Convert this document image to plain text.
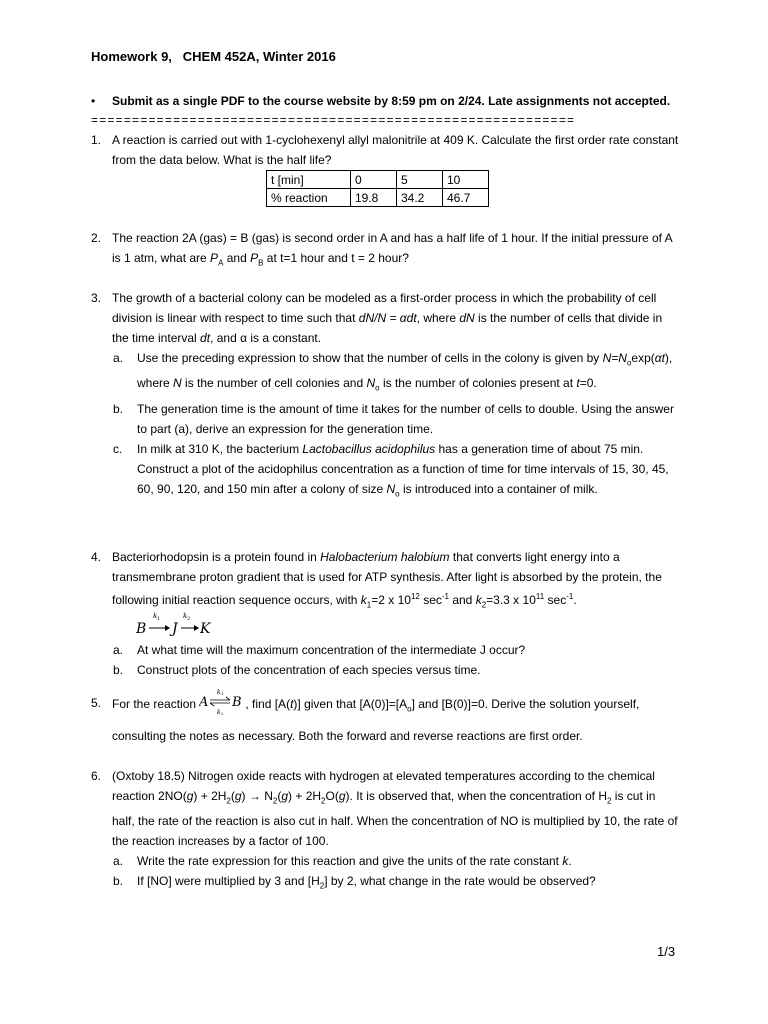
Homework 9,   CHEM 452A, Winter 2016
• Submit as a single PDF to the course website by 8:59 pm on 2/24. Late assignments not accepted.
===========================================================
1. A reaction is carried out with 1-cyclohexenyl allyl malonitrile at 409 K. Calculate the first order rate constant from the data below. What is the half life?
t [min]	0	5	10
% reaction	19.8	34.2	46.7
2. The reaction 2A (gas) = B (gas) is second order in A and has a half life of 1 hour. If the initial pressure of A is 1 atm, what are $P_A$ and $P_B$ at t=1 hour and t = 2 hour?
3. The growth of a bacterial colony can be modeled as a first-order process in which the probability of cell division is linear with respect to time such that dN/N = αdt, where dN is the number of cells that divide in the time interval dt, and α is a constant.
a. Use the preceding expression to show that the number of cells in the colony is given by $N=N_o\exp(\alpha t)$, where N is the number of cell colonies and $N_o$ is the number of colonies present at t=0.
b. The generation time is the amount of time it takes for the number of cells to double. Using the answer to part (a), derive an expression for the generation time.
c. In milk at 310 K, the bacterium Lactobacillus acidophilus has a generation time of about 75 min. Construct a plot of the acidophilus concentration as a function of time for time intervals of 15, 30, 45, 60, 90, 120, and 150 min after a colony of size $N_o$ is introduced into a container of milk.
4. Bacteriorhodopsin is a protein found in Halobacterium halobium that converts light energy into a transmembrane proton gradient that is used for ATP synthesis. After light is absorbed by the protein, the following initial reaction sequence occurs, with $k_1=2$ x $10^{12}$ $\sec^{-1}$ and $k_2=3.3$ x $10^{11}$ $\sec^{-1}$.
B
k 1
J
k 2
K
a. At what time will the maximum concentration of the intermediate J occur?
b. Construct plots of the concentration of each species versus time.
5. For the reaction A
k 1
k 2
B , find [A(t)] given that $[A(0)]=[A_o]$ and [B(0)]=0. Derive the solution yourself,
consulting the notes as necessary. Both the forward and reverse reactions are first order.
6. (Oxtoby 18.5) Nitrogen oxide reacts with hydrogen at elevated temperatures according to the chemical reaction $2NO(g) + 2H_2(g) \to N_2(g) + 2H_2O(g)$. It is observed that, when the concentration of $H_2$ is cut in half, the rate of the reaction is also cut in half. When the concentration of NO is multiplied by 10, the rate of the reaction increases by a factor of 100.
a. Write the rate expression for this reaction and give the units of the rate constant k.
b. If [NO] were multiplied by 3 and $[H_2]$ by 2, what change in the rate would be observed?
1/3
